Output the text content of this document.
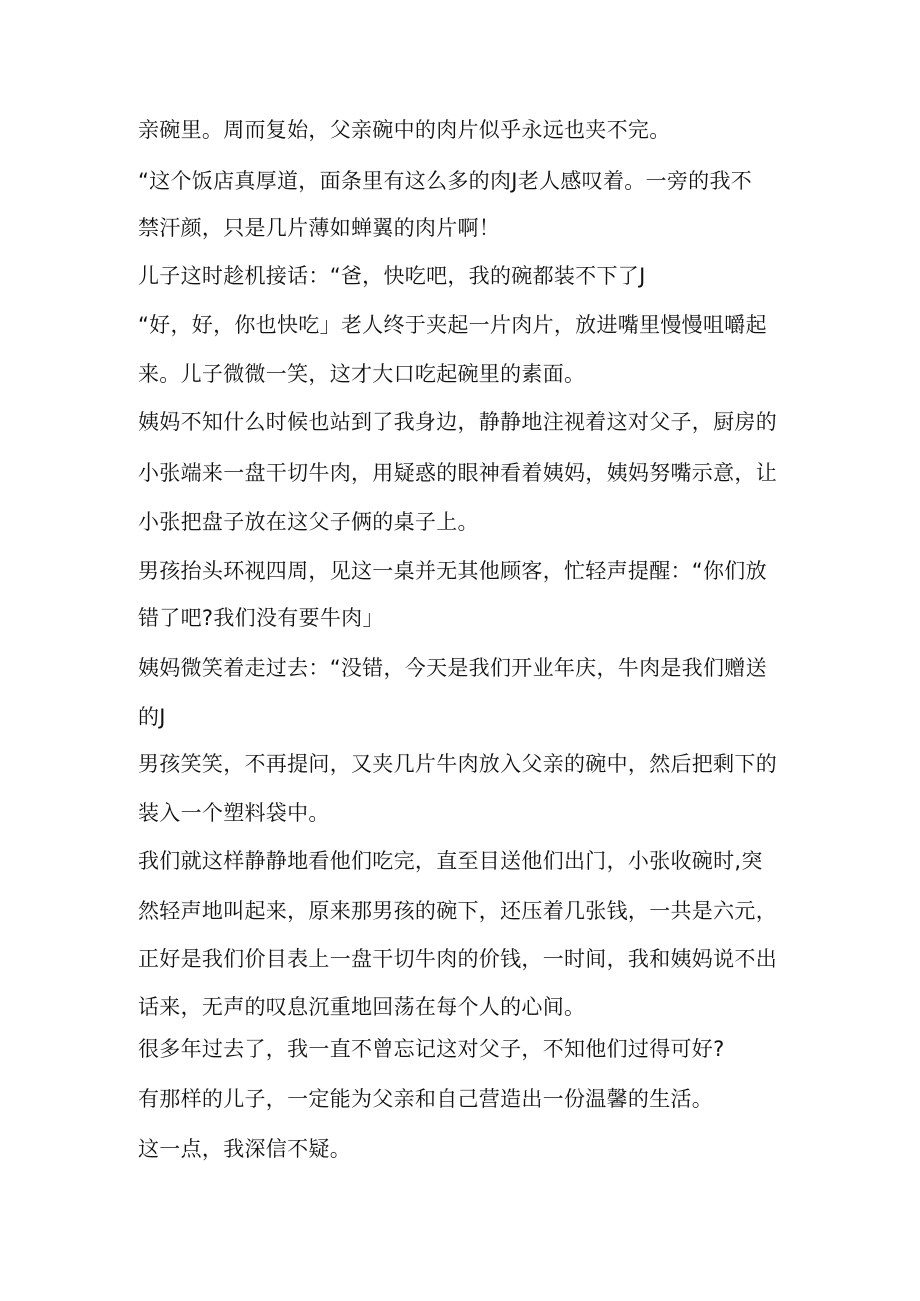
亲碗里。周而复始，父亲碗中的肉片似乎永远也夹不完。

“这个饭店真厚道，面条里有这么多的肉J老人感叹着。一旁的我不

禁汗颜，只是几片薄如蝉翼的肉片啊！

儿子这时趁机接话：“爸，快吃吧，我的碗都装不下了J

“好，好，你也快吃」老人终于夹起一片肉片，放进嘴里慢慢咀嚼起

来。儿子微微一笑，这才大口吃起碗里的素面。

姨妈不知什么时候也站到了我身边，静静地注视着这对父子，厨房的

小张端来一盘干切牛肉，用疑惑的眼神看着姨妈，姨妈努嘴示意，让

小张把盘子放在这父子俩的桌子上。

男孩抬头环视四周，见这一桌并无其他顾客，忙轻声提醒：“你们放

错了吧?我们没有要牛肉」

姨妈微笑着走过去：“没错，今天是我们开业年庆，牛肉是我们赠送

的J

男孩笑笑，不再提问，又夹几片牛肉放入父亲的碗中，然后把剩下的

装入一个塑料袋中。

我们就这样静静地看他们吃完，直至目送他们出门，小张收碗时,突

然轻声地叫起来，原来那男孩的碗下，还压着几张钱，一共是六元，

正好是我们价目表上一盘干切牛肉的价钱，一时间，我和姨妈说不出

话来，无声的叹息沉重地回荡在每个人的心间。

很多年过去了，我一直不曾忘记这对父子，不知他们过得可好?

有那样的儿子，一定能为父亲和自己营造出一份温馨的生活。

这一点，我深信不疑。
